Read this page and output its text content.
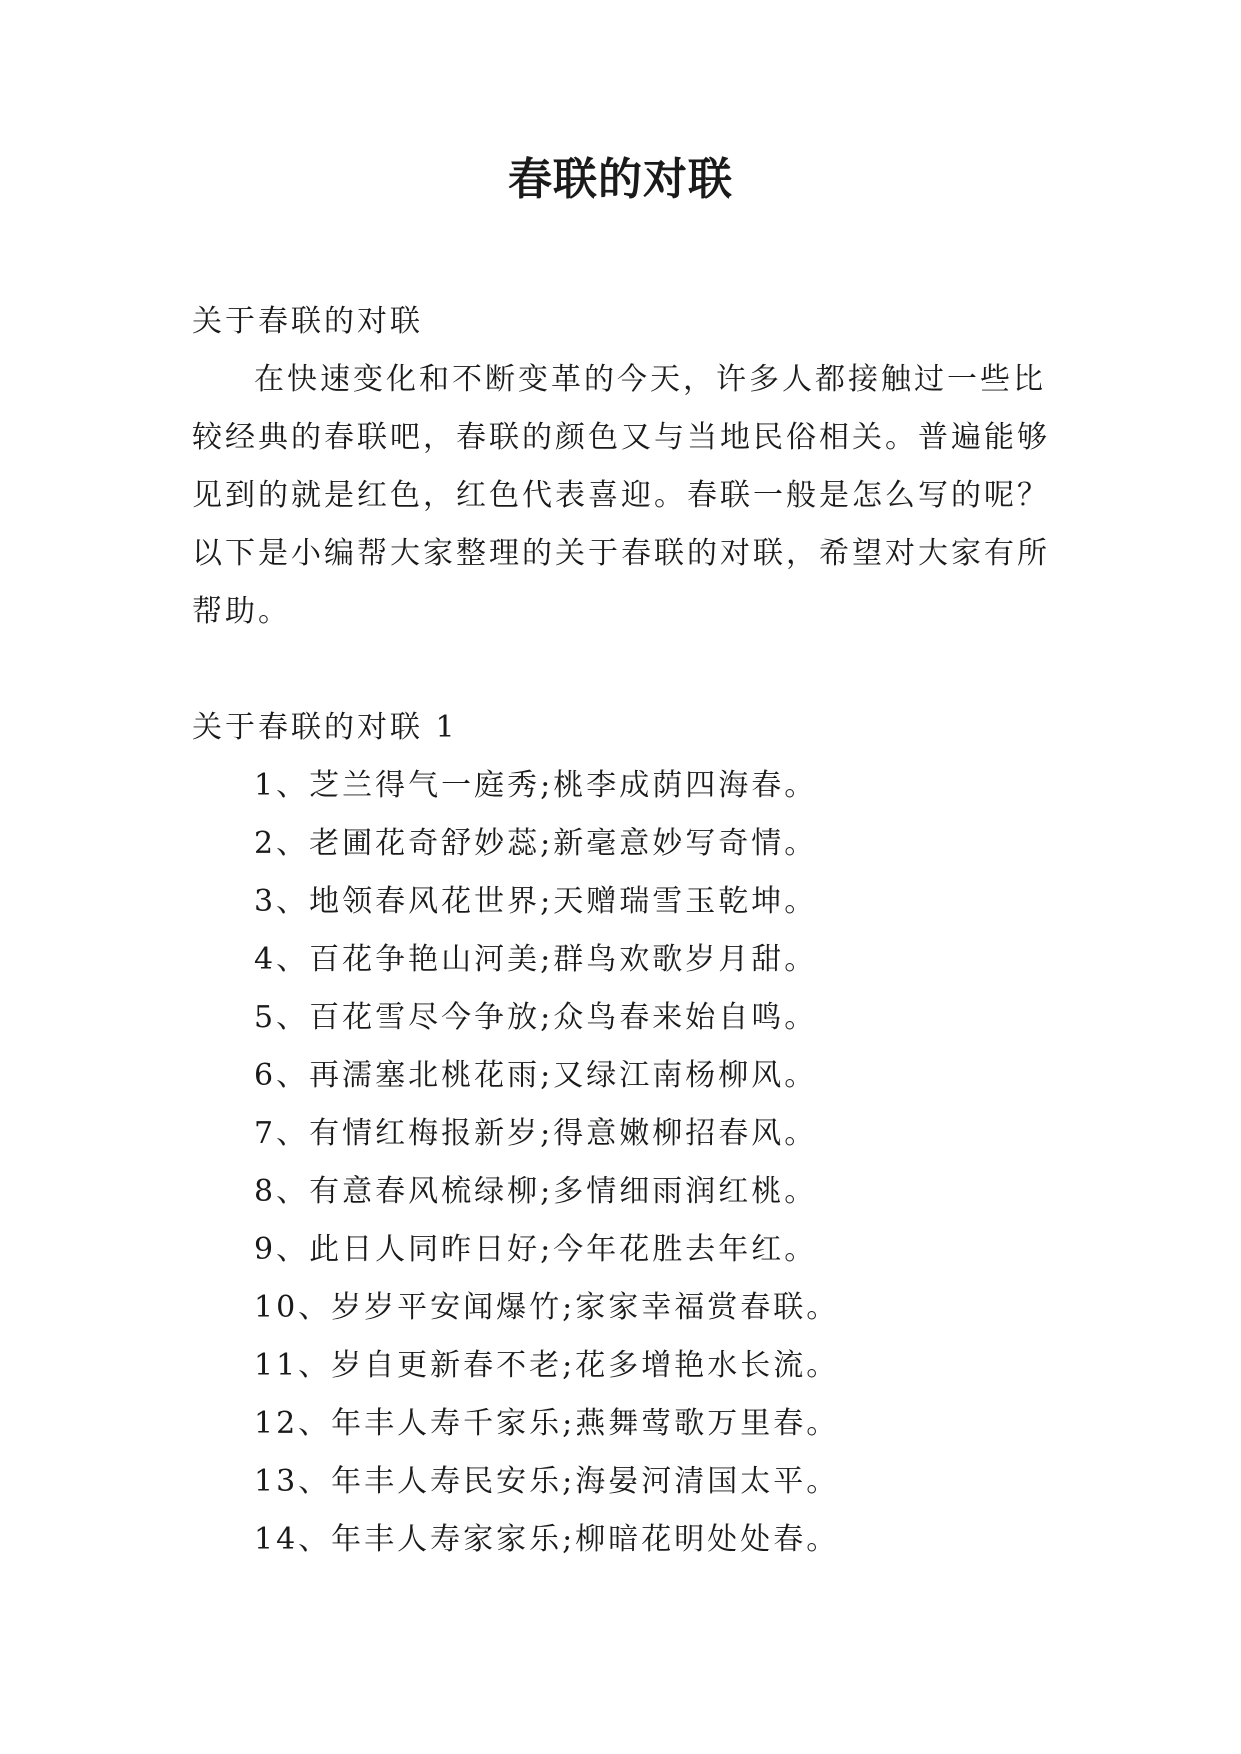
春联的对联
关于春联的对联
在快速变化和不断变革的今天，许多人都接触过一些比
较经典的春联吧，春联的颜色又与当地民俗相关。普遍能够
见到的就是红色，红色代表喜迎。春联一般是怎么写的呢？
以下是小编帮大家整理的关于春联的对联，希望对大家有所
帮助。
关于春联的对联 1
1、芝兰得气一庭秀;桃李成荫四海春。
2、老圃花奇舒妙蕊;新毫意妙写奇情。
3、地领春风花世界;天赠瑞雪玉乾坤。
4、百花争艳山河美;群鸟欢歌岁月甜。
5、百花雪尽今争放;众鸟春来始自鸣。
6、再濡塞北桃花雨;又绿江南杨柳风。
7、有情红梅报新岁;得意嫩柳招春风。
8、有意春风梳绿柳;多情细雨润红桃。
9、此日人同昨日好;今年花胜去年红。
10、岁岁平安闻爆竹;家家幸福赏春联。
11、岁自更新春不老;花多增艳水长流。
12、年丰人寿千家乐;燕舞莺歌万里春。
13、年丰人寿民安乐;海晏河清国太平。
14、年丰人寿家家乐;柳暗花明处处春。
